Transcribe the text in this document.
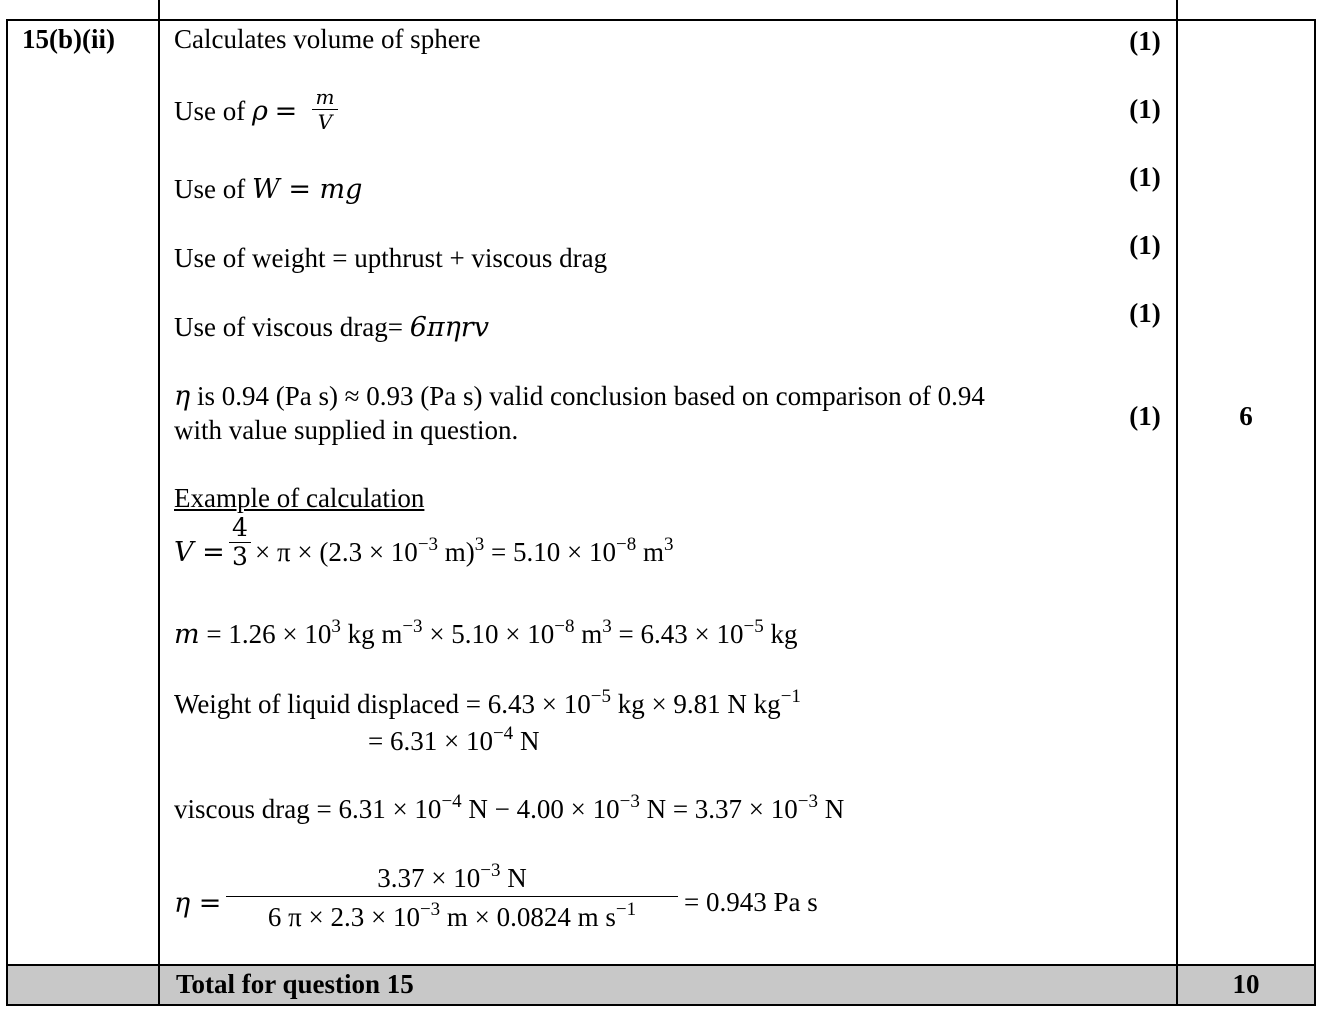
15(b)(ii) Calculates volume of sphere	(1)
Use of ρ = m
V	(1)
Use of W = mg	(1)
Use of weight = upthrust + viscous drag	(1)
Use of viscous drag= 6πηrv	(1)
η is 0.94 (Pa s) ≈ 0.93 (Pa s) valid conclusion based on comparison of 0.94
with value supplied in question.	(1)	6
Example of calculation
V =
4
$3 \times \pi \times (2.3 \times 10^{-3}$ $m)^3 = 5.10 \times 10^{-8}$ $m^3$
$m = 1.26 \times 10^3$ kg $m^{-3} \times 5.10 \times 10^{-8}$ $m^3 = 6.43 \times 10^{-5}$ kg
Weight of liquid displaced = $6.43 \times 10^{-5}$ kg × 9.81 N $kg^{-1}$
= $6.31 \times 10^{-4}$ N
viscous drag = $6.31 \times 10^{-4}$ $N - 4.00 \times 10^{-3}$ $N = 3.37 \times 10^{-3}$ N
η =
$3.37 \times 10^{-3}$ N
6 $\pi \times 2.3 \times 10^{-3}$ m × 0.0824 m $s^{-1}$	= 0.943 Pa s
Total for question 15	10
